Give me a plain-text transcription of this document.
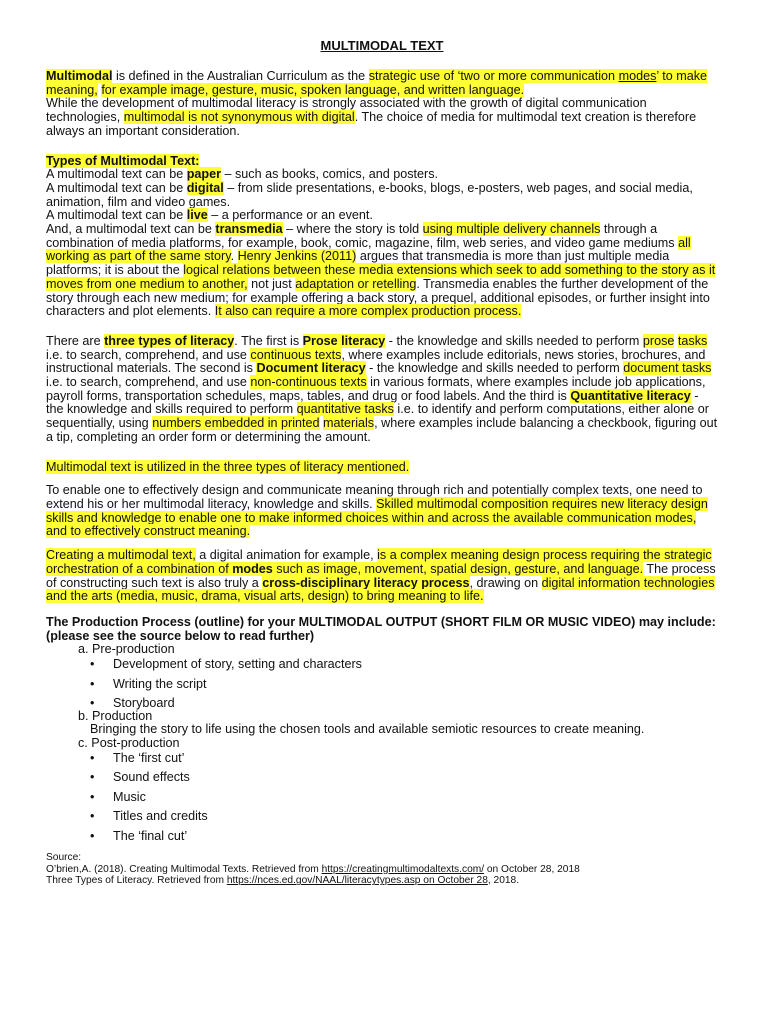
MULTIMODAL TEXT

Multimodal is defined in the Australian Curriculum as the strategic use of ‘two or more communication modes’ to make meaning, for example image, gesture, music, spoken language, and written language.

While the development of multimodal literacy is strongly associated with the growth of digital communication technologies, multimodal is not synonymous with digital. The choice of media for multimodal text creation is therefore always an important consideration.

Types of Multimodal Text:

A multimodal text can be paper – such as books, comics, and posters.

A multimodal text can be digital – from slide presentations, e-books, blogs, e-posters, web pages, and social media, animation, film and video games.

A multimodal text can be live – a performance or an event.

And, a multimodal text can be transmedia – where the story is told using multiple delivery channels through a combination of media platforms, for example, book, comic, magazine, film, web series, and video game mediums all working as part of the same story. Henry Jenkins (2011) argues that transmedia is more than just multiple media platforms; it is about the logical relations between these media extensions which seek to add something to the story as it moves from one medium to another, not just adaptation or retelling. Transmedia enables the further development of the story through each new medium; for example offering a back story, a prequel, additional episodes, or further insight into characters and plot elements. It also can require a more complex production process.

There are three types of literacy. The first is Prose literacy - the knowledge and skills needed to perform prose tasks i.e. to search, comprehend, and use continuous texts, where examples include editorials, news stories, brochures, and instructional materials. The second is Document literacy - the knowledge and skills needed to perform document tasks i.e. to search, comprehend, and use non-continuous texts in various formats, where examples include job applications, payroll forms, transportation schedules, maps, tables, and drug or food labels. And the third is Quantitative literacy - the knowledge and skills required to perform quantitative tasks i.e. to identify and perform computations, either alone or sequentially, using numbers embedded in printed materials, where examples include balancing a checkbook, figuring out a tip, completing an order form or determining the amount.

Multimodal text is utilized in the three types of literacy mentioned.

To enable one to effectively design and communicate meaning through rich and potentially complex texts, one need to extend his or her multimodal literacy, knowledge and skills. Skilled multimodal composition requires new literacy design skills and knowledge to enable one to make informed choices within and across the available communication modes, and to effectively construct meaning.

Creating a multimodal text, a digital animation for example, is a complex meaning design process requiring the strategic orchestration of a combination of modes such as image, movement, spatial design, gesture, and language. The process of constructing such text is also truly a cross-disciplinary literacy process, drawing on digital information technologies and the arts (media, music, drama, visual arts, design) to bring meaning to life.

The Production Process (outline) for your MULTIMODAL OUTPUT (SHORT FILM OR MUSIC VIDEO) may include: (please see the source below to read further)

a. Pre-production
• Development of story, setting and characters
• Writing the script
• Storyboard
b. Production
Bringing the story to life using the chosen tools and available semiotic resources to create meaning.
c. Post-production
• The ‘first cut’
• Sound effects
• Music
• Titles and credits
• The ‘final cut’

Source:

O’brien,A. (2018). Creating Multimodal Texts. Retrieved from https://creatingmultimodaltexts.com/ on October 28, 2018

Three Types of Literacy. Retrieved from https://nces.ed.gov/NAAL/literacytypes.asp on October 28, 2018.
